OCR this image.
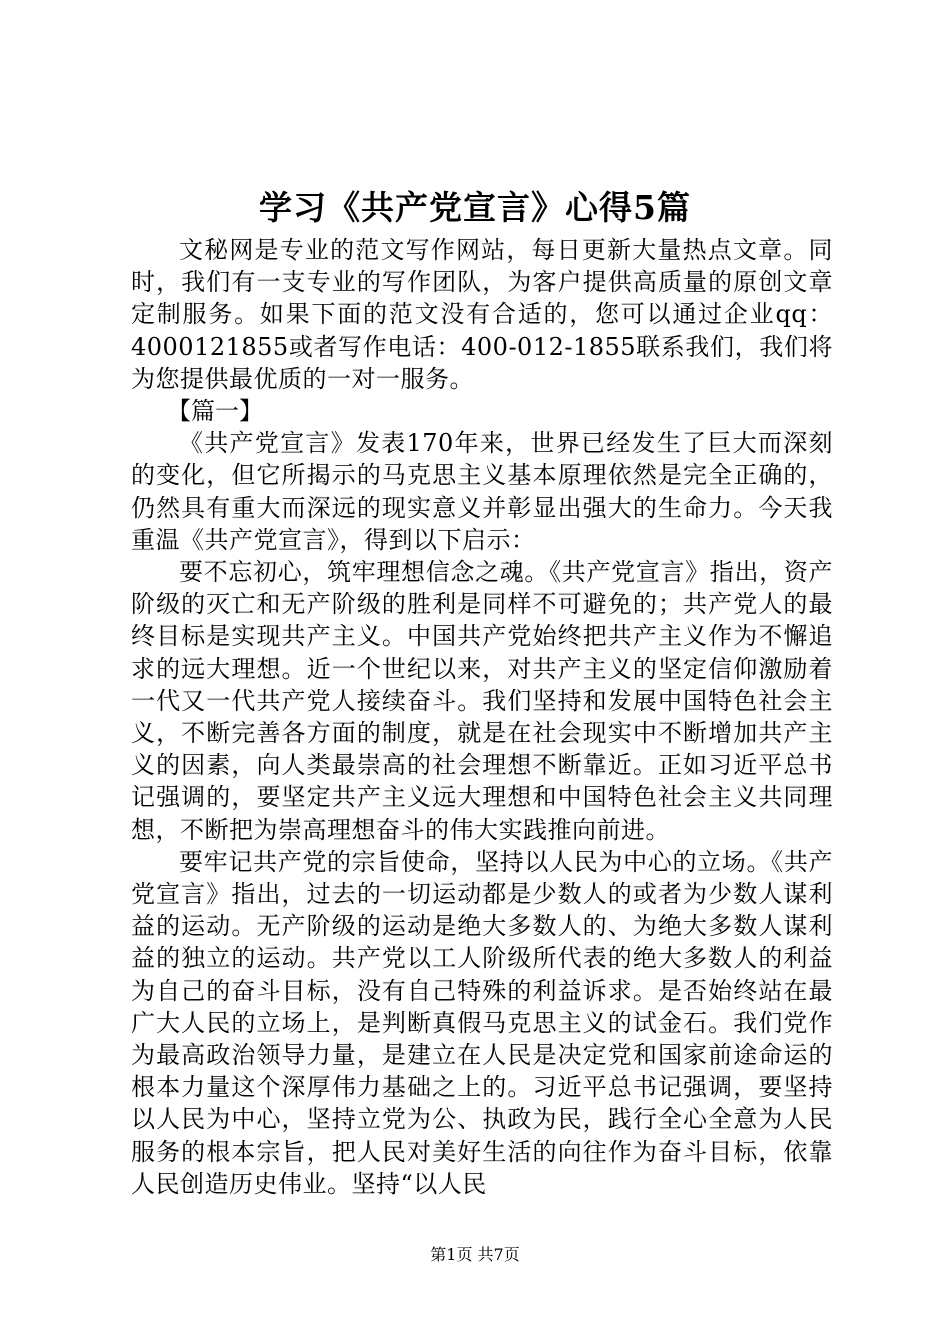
学习《共产党宣言》心得5篇

文秘网是专业的范文写作网站，每日更新大量热点文章。同时，我们有一支专业的写作团队，为客户提供高质量的原创文章定制服务。如果下面的范文没有合适的，您可以通过企业qq：4000121855或者写作电话：400-012-1855联系我们，我们将为您提供最优质的一对一服务。

【篇一】

《共产党宣言》发表170年来，世界已经发生了巨大而深刻的变化，但它所揭示的马克思主义基本原理依然是完全正确的，仍然具有重大而深远的现实意义并彰显出强大的生命力。今天我重温《共产党宣言》，得到以下启示：

要不忘初心，筑牢理想信念之魂。《共产党宣言》指出，资产阶级的灭亡和无产阶级的胜利是同样不可避免的；共产党人的最终目标是实现共产主义。中国共产党始终把共产主义作为不懈追求的远大理想。近一个世纪以来，对共产主义的坚定信仰激励着一代又一代共产党人接续奋斗。我们坚持和发展中国特色社会主义，不断完善各方面的制度，就是在社会现实中不断增加共产主义的因素，向人类最崇高的社会理想不断靠近。正如习近平总书记强调的，要坚定共产主义远大理想和中国特色社会主义共同理想，不断把为崇高理想奋斗的伟大实践推向前进。

要牢记共产党的宗旨使命，坚持以人民为中心的立场。《共产党宣言》指出，过去的一切运动都是少数人的或者为少数人谋利益的运动。无产阶级的运动是绝大多数人的、为绝大多数人谋利益的独立的运动。共产党以工人阶级所代表的绝大多数人的利益为自己的奋斗目标，没有自己特殊的利益诉求。是否始终站在最广大人民的立场上，是判断真假马克思主义的试金石。我们党作为最高政治领导力量，是建立在人民是决定党和国家前途命运的根本力量这个深厚伟力基础之上的。习近平总书记强调，要坚持以人民为中心，坚持立党为公、执政为民，践行全心全意为人民服务的根本宗旨，把人民对美好生活的向往作为奋斗目标，依靠人民创造历史伟业。坚持“以人民

第1页 共7页
